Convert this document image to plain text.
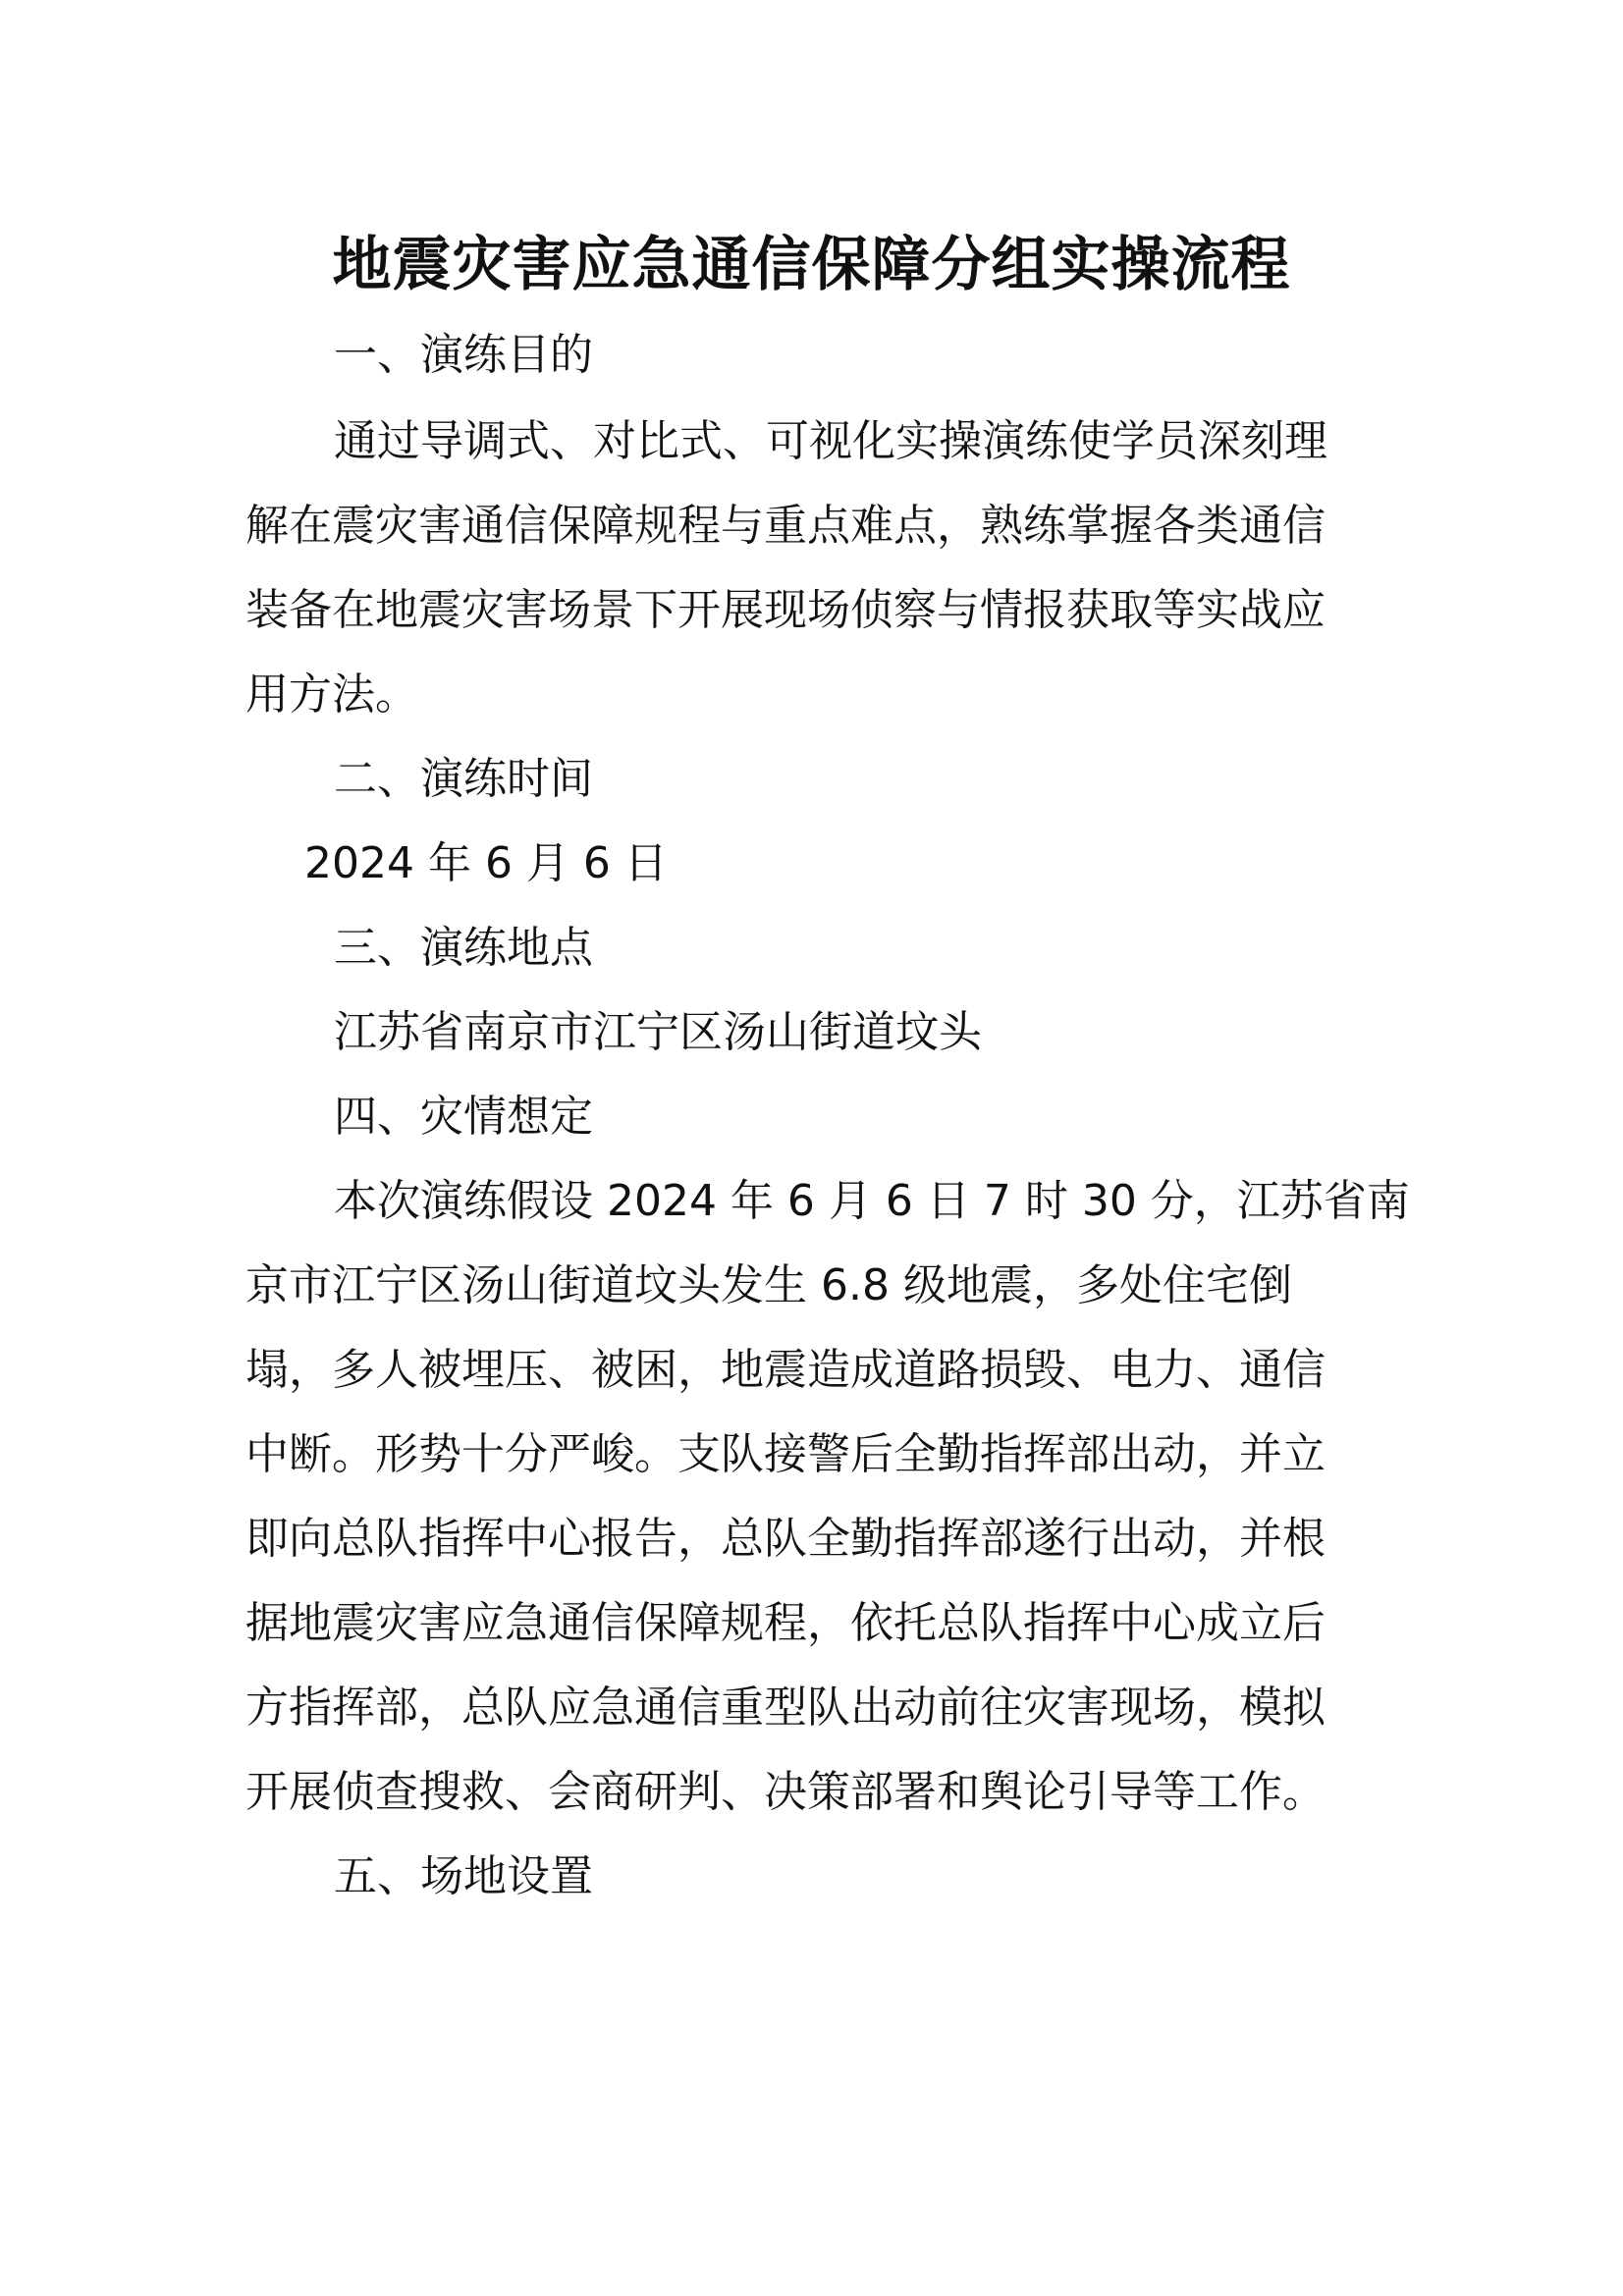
地震灾害应急通信保障分组实操流程

一、演练目的

通过导调式、对比式、可视化实操演练使学员深刻理

解在震灾害通信保障规程与重点难点，熟练掌握各类通信

装备在地震灾害场景下开展现场侦察与情报获取等实战应

用方法。

二、演练时间

2024 年 6 月 6 日

三、演练地点

江苏省南京市江宁区汤山街道坟头

四、灾情想定

本次演练假设 2024 年 6 月 6 日 7 时 30 分，江苏省南

京市江宁区汤山街道坟头发生 6.8 级地震，多处住宅倒

塌，多人被埋压、被困，地震造成道路损毁、电力、通信

中断。形势十分严峻。支队接警后全勤指挥部出动，并立

即向总队指挥中心报告，总队全勤指挥部遂行出动，并根

据地震灾害应急通信保障规程，依托总队指挥中心成立后

方指挥部，总队应急通信重型队出动前往灾害现场，模拟

开展侦查搜救、会商研判、决策部署和舆论引导等工作。

五、场地设置
